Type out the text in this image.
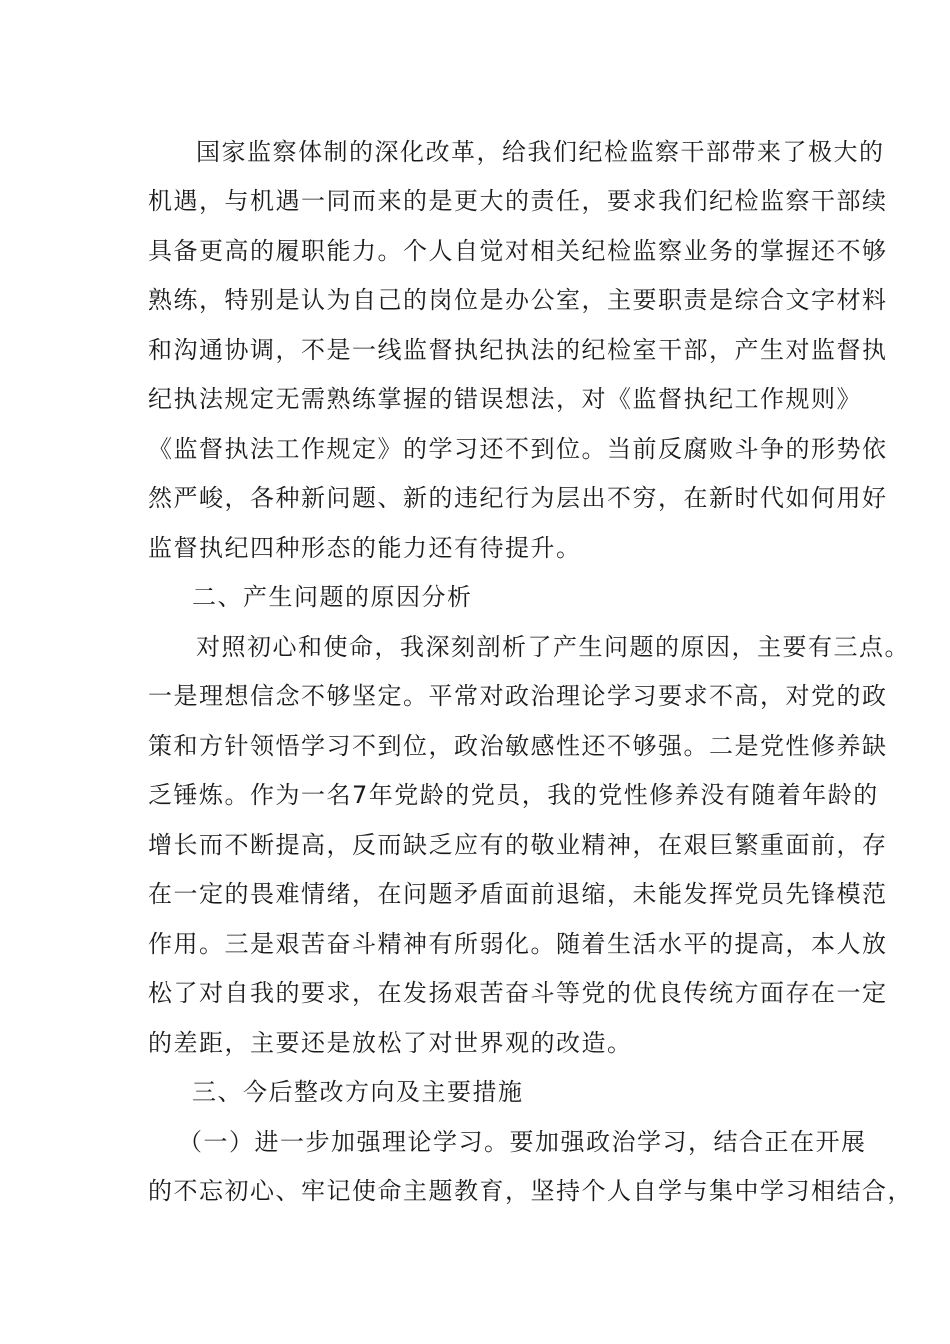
国家监察体制的深化改革，给我们纪检监察干部带来了极大的

机遇，与机遇一同而来的是更大的责任，要求我们纪检监察干部续

具备更高的履职能力。个人自觉对相关纪检监察业务的掌握还不够

熟练，特别是认为自己的岗位是办公室，主要职责是综合文字材料

和沟通协调，不是一线监督执纪执法的纪检室干部，产生对监督执

纪执法规定无需熟练掌握的错误想法，对《监督执纪工作规则》

《监督执法工作规定》的学习还不到位。当前反腐败斗争的形势依

然严峻，各种新问题、新的违纪行为层出不穷，在新时代如何用好

监督执纪四种形态的能力还有待提升。

二、产生问题的原因分析

对照初心和使命，我深刻剖析了产生问题的原因，主要有三点。

一是理想信念不够坚定。平常对政治理论学习要求不高，对党的政

策和方针领悟学习不到位，政治敏感性还不够强。二是党性修养缺

乏锤炼。作为一名7年党龄的党员，我的党性修养没有随着年龄的

增长而不断提高，反而缺乏应有的敬业精神，在艰巨繁重面前，存

在一定的畏难情绪，在问题矛盾面前退缩，未能发挥党员先锋模范

作用。三是艰苦奋斗精神有所弱化。随着生活水平的提高，本人放

松了对自我的要求，在发扬艰苦奋斗等党的优良传统方面存在一定

的差距，主要还是放松了对世界观的改造。

三、今后整改方向及主要措施

（一）进一步加强理论学习。要加强政治学习，结合正在开展

的不忘初心、牢记使命主题教育，坚持个人自学与集中学习相结合，
